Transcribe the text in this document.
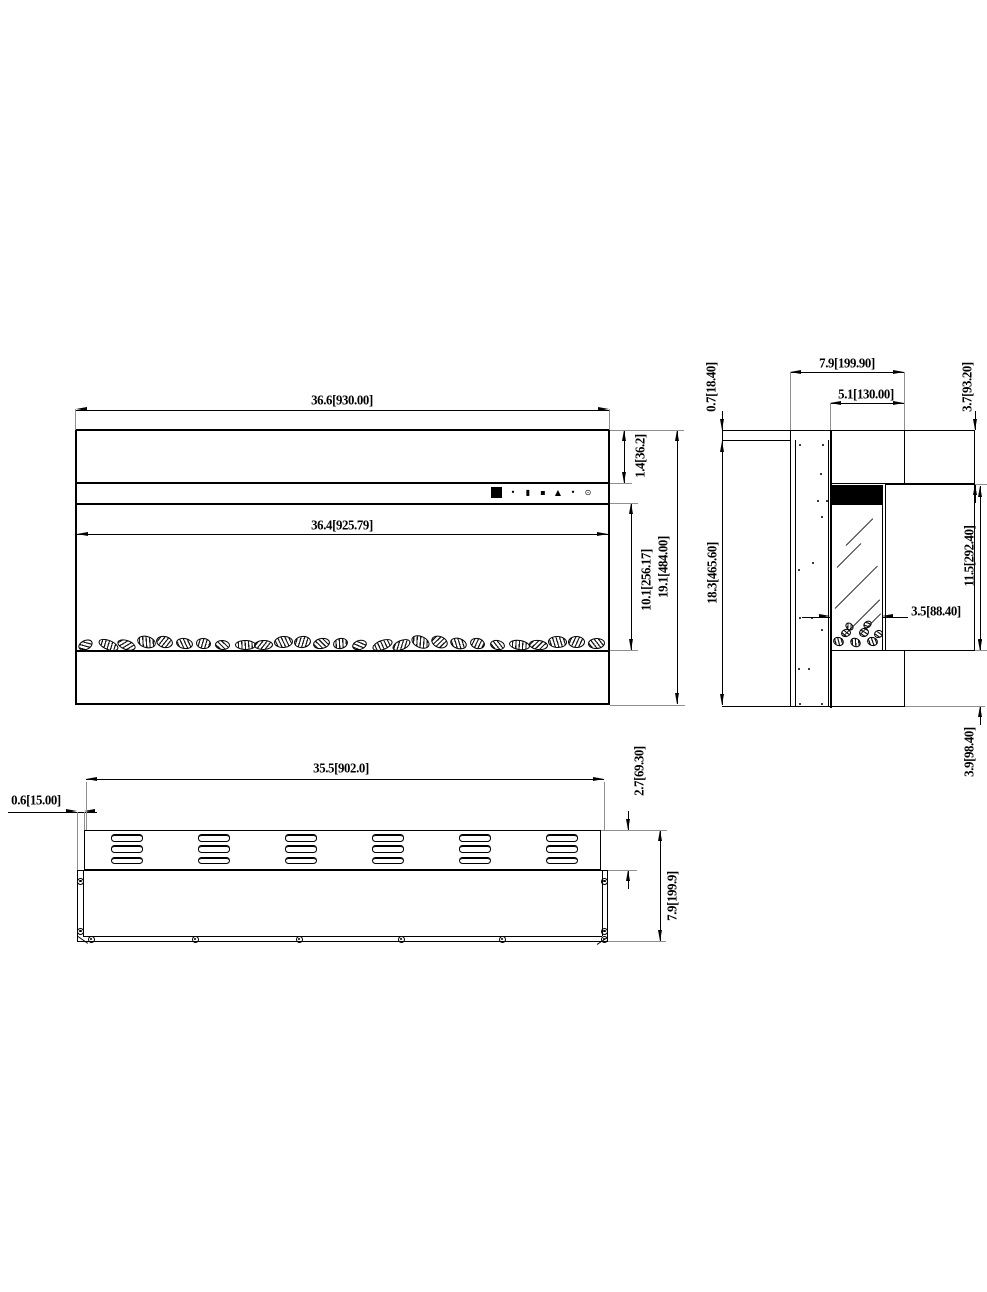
• ▮ ▪ ▲ • ⊙
36.6[930.00]
36.4[925.79]
1.4[36.2]
10.1[256.17] 19.1[484.00]
0.7[18.40]	7.9[199.90]
5.1[130.00]	3.7[93.20]
18.3[465.60]	11.5[292.40]
3.5[88.40]
3.9[98.40]
35.5[902.0]
0.6[15.00]
2.7[69.30]
7.9[199.9]
